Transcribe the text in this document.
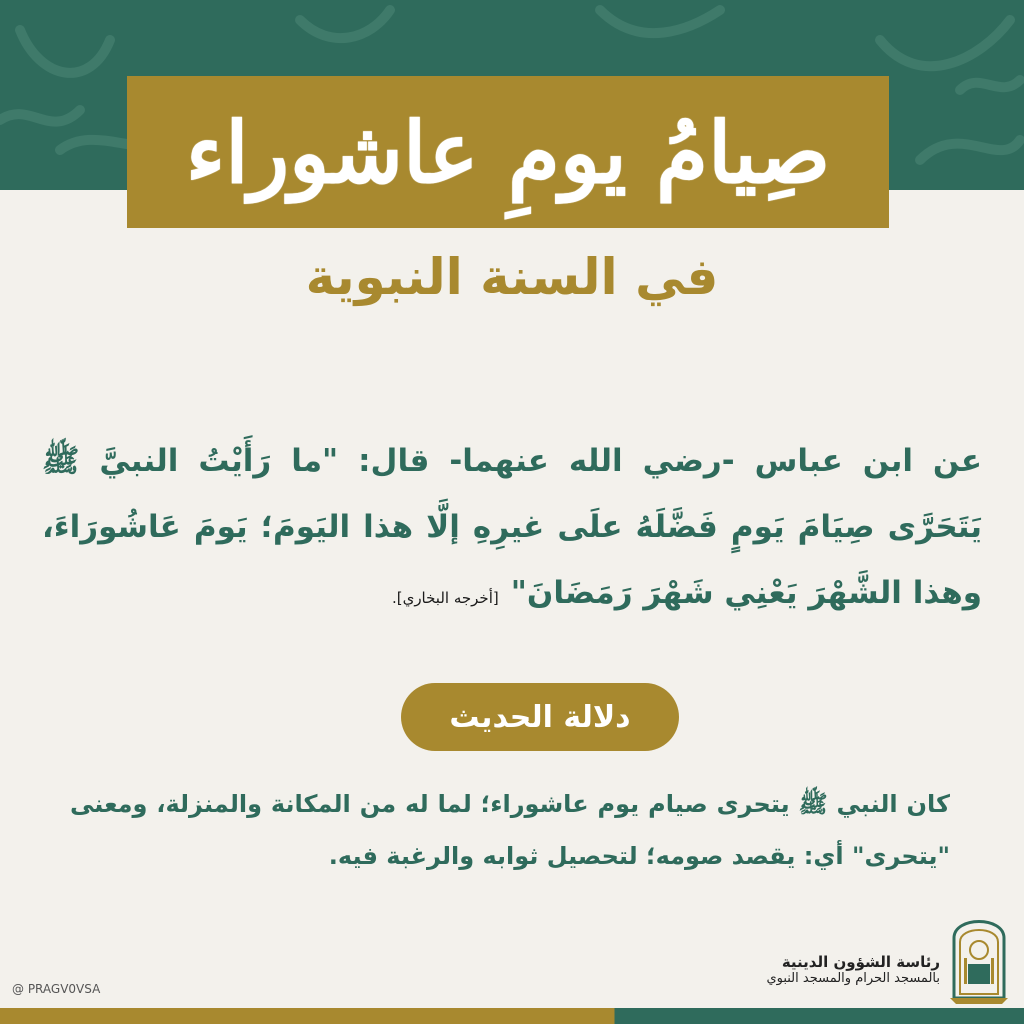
صِيامُ يومِ عاشوراء
في السنة النبوية
عن ابن عباس -رضي الله عنهما- قال: "ما رَأَيْتُ النبيَّ ﷺ يَتَحَرَّى صِيَامَ يَومٍ فَضَّلَهُ علَى غيرِهِ إلَّا هذا اليَومَ؛ يَومَ عَاشُورَاءَ، وهذا الشَّهْرَ يَعْنِي شَهْرَ رَمَضَانَ"[أخرجه البخاري].
دلالة الحديث
كان النبي ﷺ يتحرى صيام يوم عاشوراء؛ لما له من المكانة والمنزلة، ومعنى "يتحرى" أي: يقصد صومه؛ لتحصيل ثوابه والرغبة فيه.
رئاسة الشؤون الدينية
بالمسجد الحرام والمسجد النبوي
@ PRAGV0VSA
